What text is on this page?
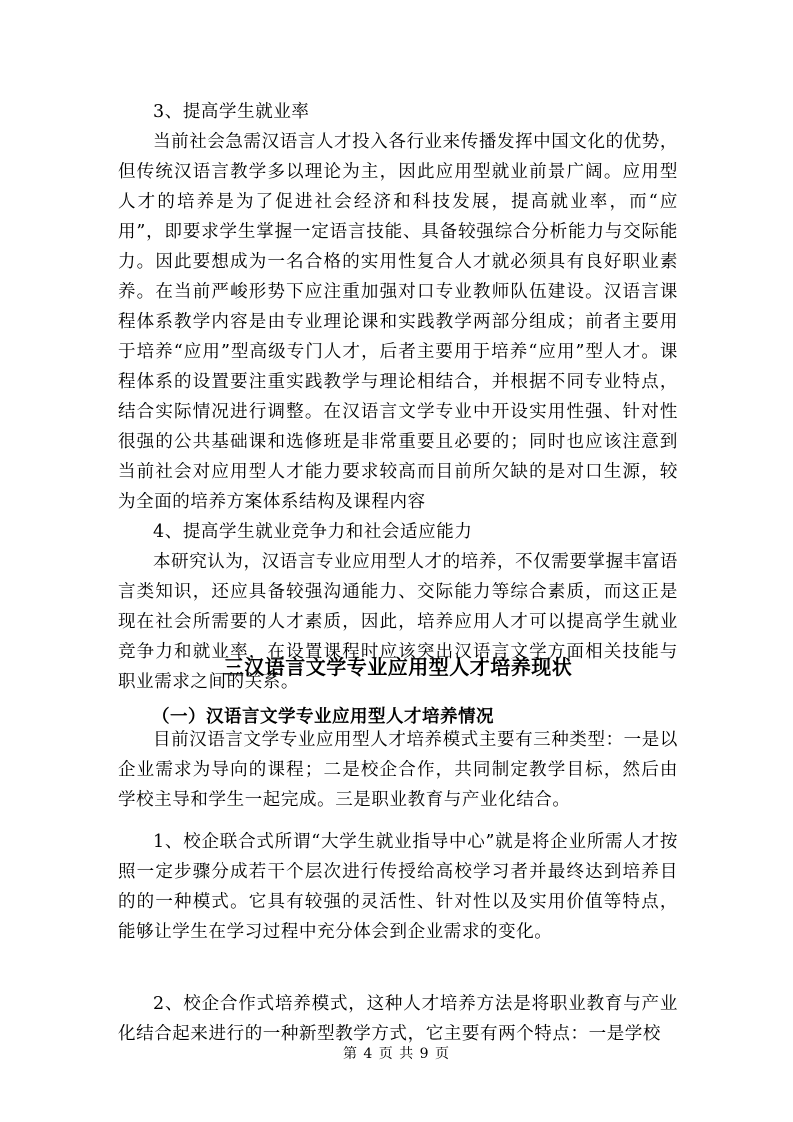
3、提高学生就业率

当前社会急需汉语言人才投入各行业来传播发挥中国文化的优势，但传统汉语言教学多以理论为主，因此应用型就业前景广阔。应用型人才的培养是为了促进社会经济和科技发展，提高就业率，而“应用”，即要求学生掌握一定语言技能、具备较强综合分析能力与交际能力。因此要想成为一名合格的实用性复合人才就必须具有良好职业素养。在当前严峻形势下应注重加强对口专业教师队伍建设。汉语言课程体系教学内容是由专业理论课和实践教学两部分组成；前者主要用于培养“应用”型高级专门人才，后者主要用于培养“应用”型人才。课程体系的设置要注重实践教学与理论相结合，并根据不同专业特点，结合实际情况进行调整。在汉语言文学专业中开设实用性强、针对性很强的公共基础课和选修班是非常重要且必要的；同时也应该注意到当前社会对应用型人才能力要求较高而目前所欠缺的是对口生源，较为全面的培养方案体系结构及课程内容

4、提高学生就业竞争力和社会适应能力

本研究认为，汉语言专业应用型人才的培养，不仅需要掌握丰富语言类知识，还应具备较强沟通能力、交际能力等综合素质，而这正是现在社会所需要的人才素质，因此，培养应用人才可以提高学生就业竞争力和就业率，在设置课程时应该突出汉语言文学方面相关技能与职业需求之间的关系。

三汉语言文学专业应用型人才培养现状
（一）汉语言文学专业应用型人才培养情况

目前汉语言文学专业应用型人才培养模式主要有三种类型：一是以企业需求为导向的课程；二是校企合作，共同制定教学目标，然后由学校主导和学生一起完成。三是职业教育与产业化结合。

1、校企联合式所谓“大学生就业指导中心”就是将企业所需人才按照一定步骤分成若干个层次进行传授给高校学习者并最终达到培养目的的一种模式。它具有较强的灵活性、针对性以及实用价值等特点，能够让学生在学习过程中充分体会到企业需求的变化。

2、校企合作式培养模式，这种人才培养方法是将职业教育与产业化结合起来进行的一种新型教学方式，它主要有两个特点：一是学校

第 4 页 共 9 页
